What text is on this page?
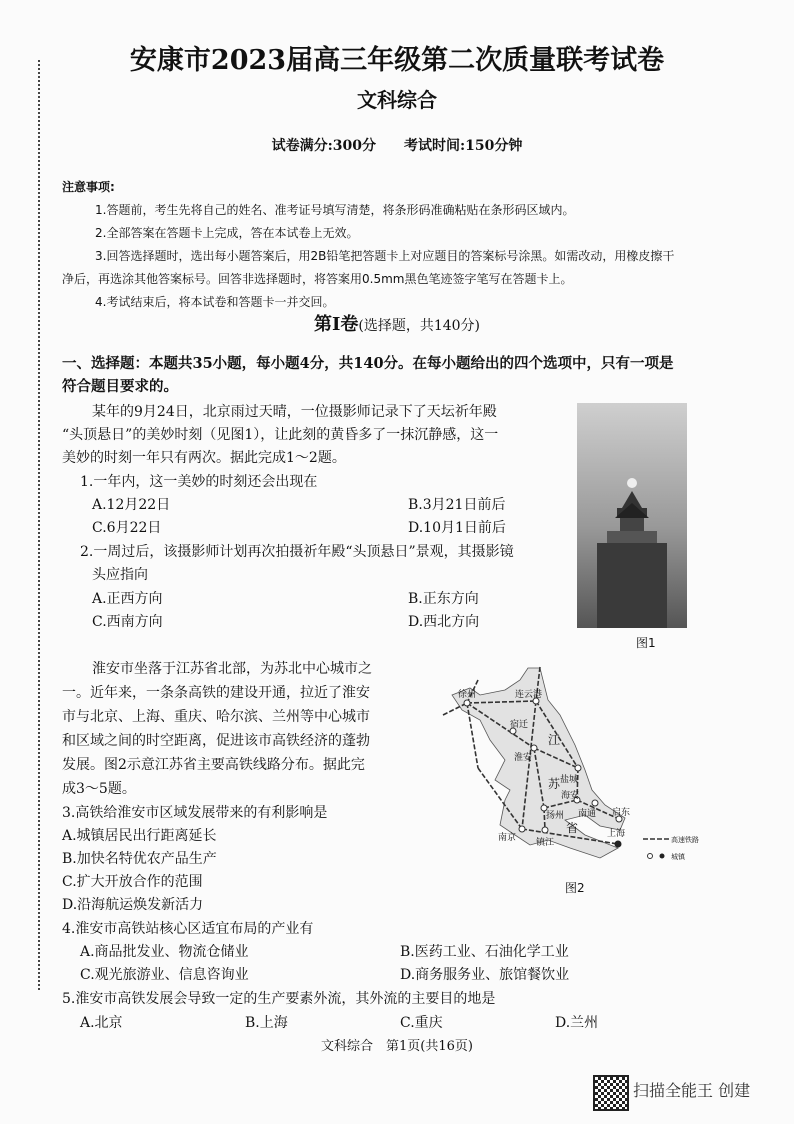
安康市2023届高三年级第二次质量联考试卷
文科综合
试卷满分:300分　　 考试时间:150分钟
注意事项:
1.答题前，考生先将自己的姓名、准考证号填写清楚，将条形码准确粘贴在条形码区域内。
2.全部答案在答题卡上完成，答在本试卷上无效。
3.回答选择题时，选出每小题答案后，用2B铅笔把答题卡上对应题目的答案标号涂黑。如需改动，用橡皮擦干
净后，再选涂其他答案标号。回答非选择题时，将答案用0.5mm黑色笔迹签字笔写在答题卡上。
4.考试结束后，将本试卷和答题卡一并交回。
第Ⅰ卷(选择题，共140分)
一、选择题：本题共35小题，每小题4分，共140分。在每小题给出的四个选项中，只有一项是
符合题目要求的。
某年的9月24日，北京雨过天晴，一位摄影师记录下了天坛祈年殿
“头顶悬日”的美妙时刻（见图1），让此刻的黄昏多了一抹沉静感，这一
美妙的时刻一年只有两次。据此完成1～2题。
1.一年内，这一美妙的时刻还会出现在
A.12月22日	B.3月21日前后
C.6月22日	D.10月1日前后
2.一周过后，该摄影师计划再次拍摄祈年殿“头顶悬日”景观，其摄影镜
头应指向
A.正西方向	B.正东方向
C.西南方向	D.西北方向
图1
淮安市坐落于江苏省北部，为苏北中心城市之
一。近年来，一条条高铁的建设开通，拉近了淮安
市与北京、上海、重庆、哈尔滨、兰州等中心城市
和区域之间的时空距离，促进该市高铁经济的蓬勃
发展。图2示意江苏省主要高铁线路分布。据此完
成3～5题。
3.高铁给淮安市区域发展带来的有利影响是
A.城镇居民出行距离延长
B.加快名特优农产品生产
C.扩大开放合作的范围
D.沿海航运焕发新活力
4.淮安市高铁站核心区适宜布局的产业有
A.商品批发业、物流仓储业	B.医药工业、石油化学工业
C.观光旅游业、信息咨询业	D.商务服务业、旅馆餐饮业
5.淮安市高铁发展会导致一定的生产要素外流，其外流的主要目的地是
A.北京	B.上海	C.重庆	D.兰州
徐州	连云港
宿迁
淮安
盐城
海安
南通 启东
扬州
南京 镇江
上海
江
苏
省
高速铁路
城镇
图2
文科综合　第1页(共16页)
扫描全能王 创建
